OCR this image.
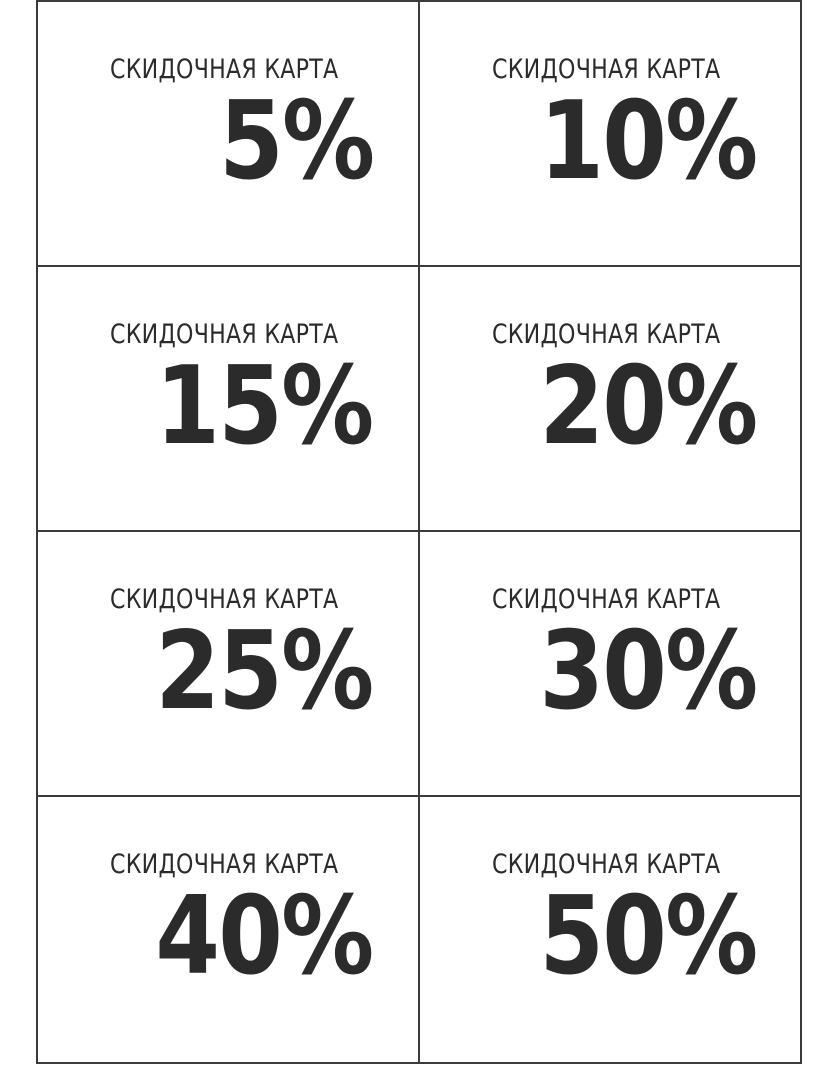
СКИДОЧНАЯ КАРТА
5%
СКИДОЧНАЯ КАРТА
10%
СКИДОЧНАЯ КАРТА
15%
СКИДОЧНАЯ КАРТА
20%
СКИДОЧНАЯ КАРТА
25%
СКИДОЧНАЯ КАРТА
30%
СКИДОЧНАЯ КАРТА
40%
СКИДОЧНАЯ КАРТА
50%
